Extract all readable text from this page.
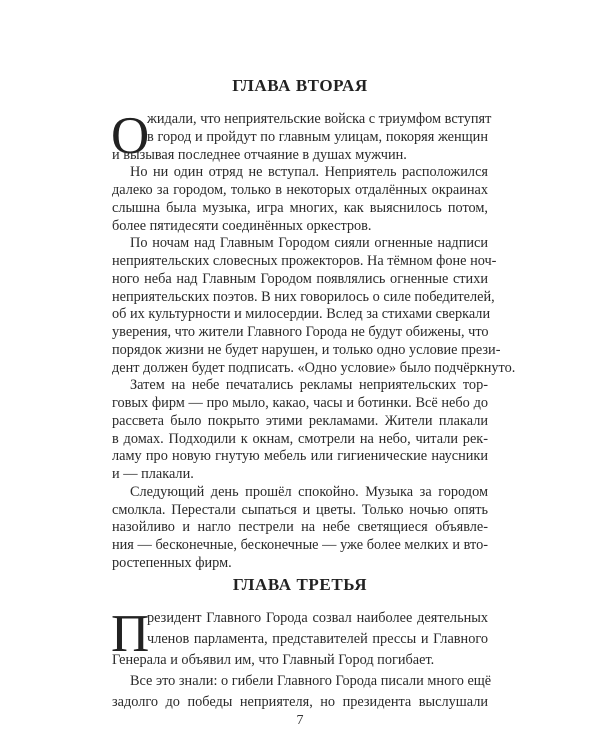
ГЛАВА ВТОРАЯ
О
жидали, что неприятельские войска с триумфом вступят
в город и пройдут по главным улицам, покоряя женщин
и вызывая последнее отчаяние в душах мужчин.
Но ни один отряд не вступал. Неприятель расположился
далеко за городом, только в некоторых отдалённых окраинах
слышна была музыка, игра многих, как выяснилось потом,
более пятидесяти соединённых оркестров.
По ночам над Главным Городом сияли огненные надписи
неприятельских словесных прожекторов. На тёмном фоне ноч-
ного неба над Главным Городом появлялись огненные стихи
неприятельских поэтов. В них говорилось о силе победителей,
об их культурности и милосердии. Вслед за стихами сверкали
уверения, что жители Главного Города не будут обижены, что
порядок жизни не будет нарушен, и только одно условие прези-
дент должен будет подписать. «Одно условие» было подчёркнуто.
Затем на небе печатались рекламы неприятельских тор-
говых фирм — про мыло, какао, часы и ботинки. Всё небо до
рассвета было покрыто этими рекламами. Жители плакали
в домах. Подходили к окнам, смотрели на небо, читали рек-
ламу про новую гнутую мебель или гигиенические наусники
и — плакали.
ГЛАВА ТРЕТЬЯ
П
резидент Главного Города созвал наиболее деятельных
членов парламента, представителей прессы и Главного
Генерала и объявил им, что Главный Город погибает.
Все это знали: о гибели Главного Города писали много ещё
задолго до победы неприятеля, но президента выслушали
7
Следующий день прошёл спокойно. Музыка за городом
смолкла. Перестали сыпаться и цветы. Только ночью опять
назойливо и нагло пестрели на небе светящиеся объявле-
ния — бесконечные, бесконечные — уже более мелких и вто-
ростепенных фирм.
